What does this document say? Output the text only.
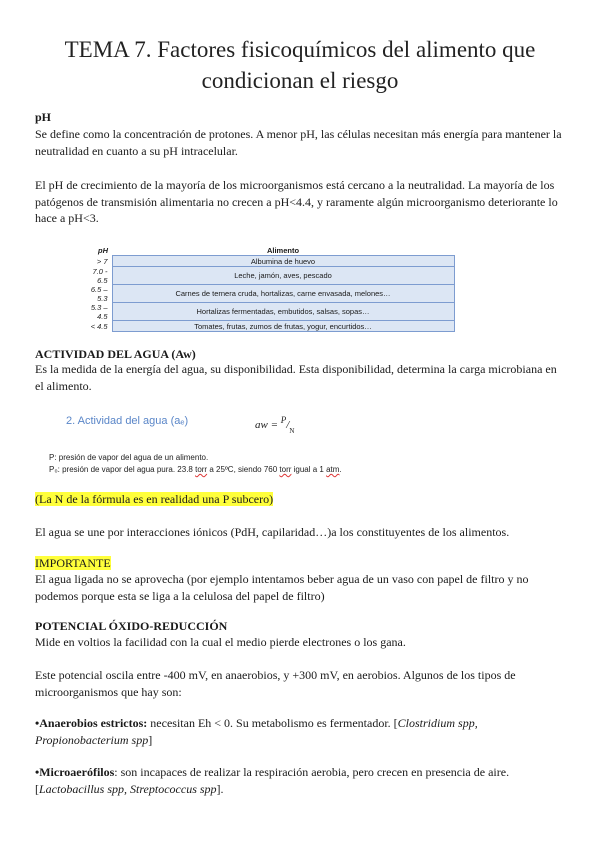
TEMA 7. Factores fisicoquímicos del alimento que condicionan el riesgo
pH

Se define como la concentración de protones. A menor pH, las células necesitan más energía para mantener la neutralidad en cuanto a su pH intracelular.

El pH de crecimiento de la mayoría de los microorganismos está cercano a la neutralidad. La mayoría de los patógenos de transmisión alimentaria no crecen a pH<4.4, y raramente algún microorganismo deteriorante lo hace a pH<3.

pH	Alimento
> 7	Albumina de huevo
7.0 - 6.5	Leche, jamón, aves, pescado
6.5 – 5.3	Carnes de ternera cruda, hortalizas, carne envasada, melones…
5.3 – 4.5	Hortalizas fermentadas, embutidos, salsas, sopas…
< 4.5	Tomates, frutas, zumos de frutas, yogur, encurtidos…
ACTIVIDAD DEL AGUA (Aw)

Es la medida de la energía del agua, su disponibilidad. Esta disponibilidad, determina la carga microbiana en el alimento.

2. Actividad del agua (aₑ)	aw = $^P/_N$
P: presión de vapor del agua de un alimento.
P₀: presión de vapor del agua pura. 23.8 torr a 25ºC, siendo 760 torr igual a 1 atm.
(La N de la fórmula es en realidad una P subcero)

El agua se une por interacciones iónicos (PdH, capilaridad…)a los constituyentes de los alimentos.

IMPORTANTE

El agua ligada no se aprovecha (por ejemplo intentamos beber agua de un vaso con papel de filtro y no podemos porque esta se liga a la celulosa del papel de filtro)

POTENCIAL ÓXIDO-REDUCCIÓN

Mide en voltios la facilidad con la cual el medio pierde electrones o los gana.

Este potencial oscila entre -400 mV, en anaerobios, y +300 mV, en aerobios. Algunos de los tipos de microorganismos que hay son:

•Anaerobios estrictos: necesitan Eh < 0. Su metabolismo es fermentador. [Clostridium spp, Propionobacterium spp]

•Microaerófilos: son incapaces de realizar la respiración aerobia, pero crecen en presencia de aire. [Lactobacillus spp, Streptococcus spp].
